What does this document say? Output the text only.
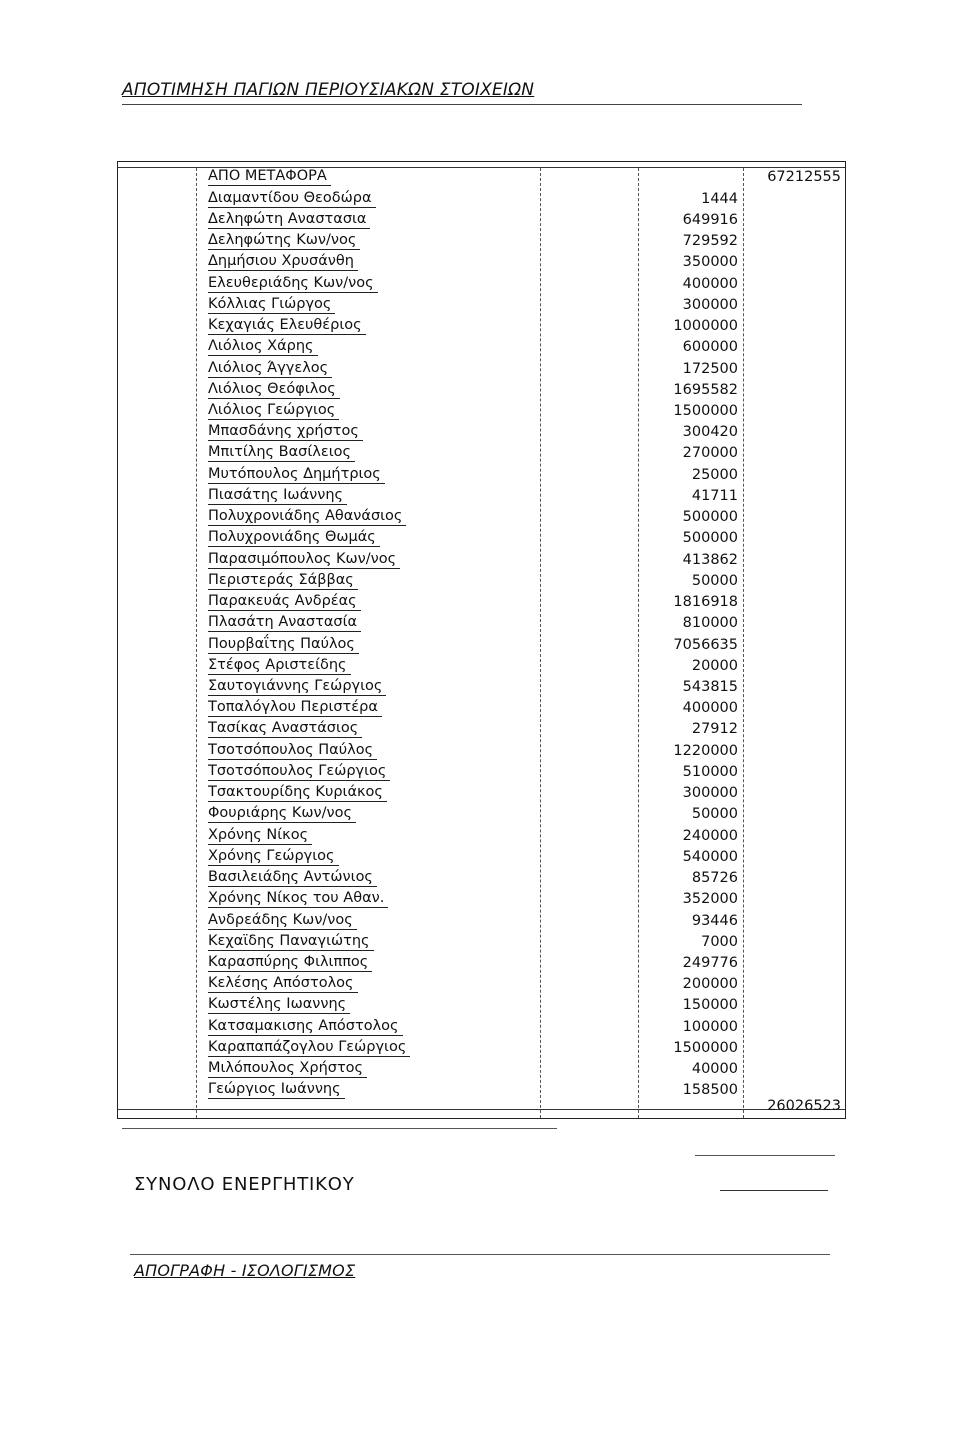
ΑΠΟΤΙΜΗΣΗ ΠΑΓΙΩΝ ΠΕΡΙΟΥΣΙΑΚΩΝ ΣΤΟΙΧΕΙΩΝ
ΑΠΟ ΜΕΤΑΦΟΡΑ	67212555
Διαμαντίδου Θεοδώρα	1444
Δεληφώτη Αναστασια	649916
Δεληφώτης Κων/νος	729592
Δημήσιου Χρυσάνθη	350000
Ελευθεριάδης Κων/νος	400000
Κόλλιας Γιώργος	300000
Κεχαγιάς Ελευθέριος	1000000
Λιόλιος Χάρης	600000
Λιόλιος Άγγελος	172500
Λιόλιος Θεόφιλος	1695582
Λιόλιος Γεώργιος	1500000
Μπασδάνης χρήστος	300420
Μπιτίλης Βασίλειος	270000
Μυτόπουλος Δημήτριος	25000
Πιασάτης Ιωάννης	41711
Πολυχρονιάδης Αθανάσιος	500000
Πολυχρονιάδης Θωμάς	500000
Παρασιμόπουλος Κων/νος	413862
Περιστεράς Σάββας	50000
Παρακευάς Ανδρέας	1816918
Πλασάτη Αναστασία	810000
Πουρβαΐτης Παύλος	7056635
Στέφος Αριστείδης	20000
Σαυτογιάννης Γεώργιος	543815
Τοπαλόγλου Περιστέρα	400000
Τασίκας Αναστάσιος	27912
Τσοτσόπουλος Παύλος	1220000
Τσοτσόπουλος Γεώργιος	510000
Τσακτουρίδης Κυριάκος	300000
Φουριάρης Κων/νος	50000
Χρόνης Νίκος	240000
Χρόνης Γεώργιος	540000
Βασιλειάδης Αντώνιος	85726
Χρόνης Νίκος του Αθαν.	352000
Ανδρεάδης Κων/νος	93446
Κεχαϊδης Παναγιώτης	7000
Καρασπύρης Φιλιππος	249776
Κελέσης Απόστολος	200000
Κωστέλης Ιωαννης	150000
Κατσαμακισης Απόστολος	100000
Καραπαπάζογλου Γεώργιος	1500000
Μιλόπουλος Χρήστος	40000
Γεώργιος Ιωάννης	158500
26026523
ΣΥΝΟΛΟ ΕΝΕΡΓΗΤΙΚΟΥ
ΑΠΟΓΡΑΦΗ - ΙΣΟΛΟΓΙΣΜΟΣ
